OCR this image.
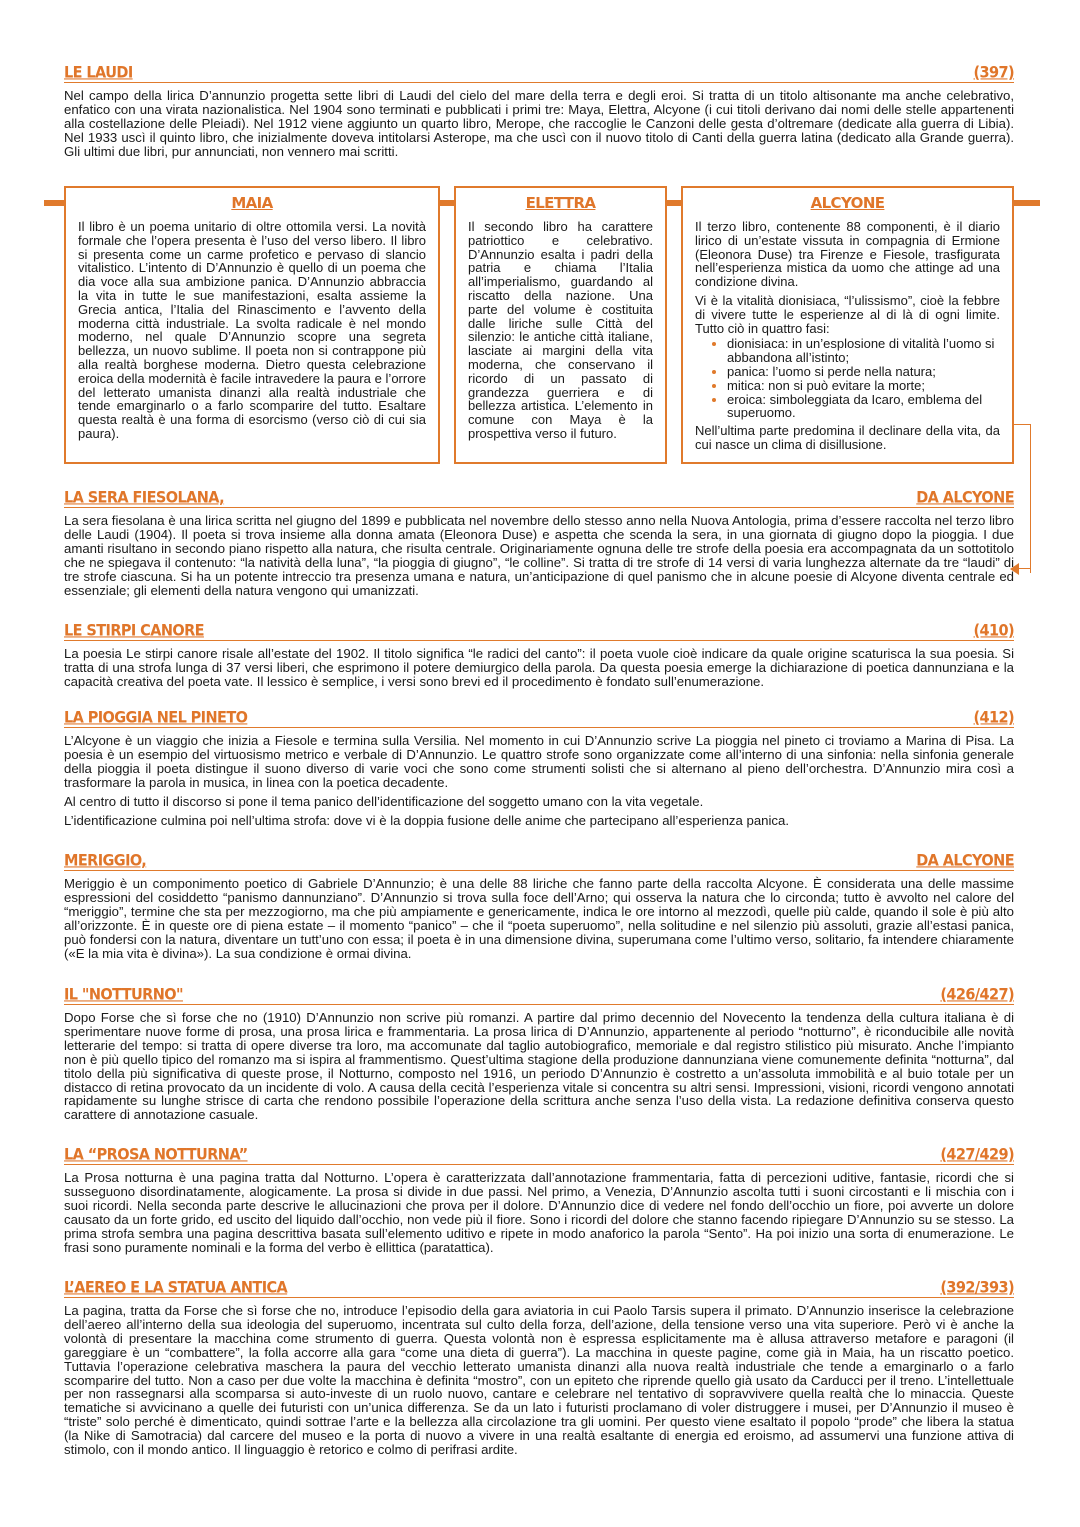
LE LAUDI	(397)

Nel campo della lirica D’annunzio progetta sette libri di Laudi del cielo del mare della terra e degli eroi. Si tratta di un titolo altisonante ma anche celebrativo, enfatico con una virata nazionalistica. Nel 1904 sono terminati e pubblicati i primi tre: Maya, Elettra, Alcyone (i cui titoli derivano dai nomi delle stelle appartenenti alla costellazione delle Pleiadi). Nel 1912 viene aggiunto un quarto libro, Merope, che raccoglie le Canzoni delle gesta d’oltremare (dedicate alla guerra di Libia). Nel 1933 uscì il quinto libro, che inizialmente doveva intitolarsi Asterope, ma che uscì con il nuovo titolo di Canti della guerra latina (dedicato alla Grande guerra). Gli ultimi due libri, pur annunciati, non vennero mai scritti.

MAIA

Il libro è un poema unitario di oltre ottomila versi. La novità formale che l’opera presenta è l’uso del verso libero. Il libro si presenta come un carme profetico e pervaso di slancio vitalistico. L’intento di D’Annunzio è quello di un poema che dia voce alla sua ambizione panica. D’Annunzio abbraccia la vita in tutte le sue manifestazioni, esalta assieme la Grecia antica, l’Italia del Rinascimento e l’avvento della moderna città industriale. La svolta radicale è nel mondo moderno, nel quale D’Annunzio scopre una segreta bellezza, un nuovo sublime. Il poeta non si contrappone più alla realtà borghese moderna. Dietro questa celebrazione eroica della modernità è facile intravedere la paura e l’orrore del letterato umanista dinanzi alla realtà industriale che tende emarginarlo o a farlo scomparire del tutto. Esaltare questa realtà è una forma di esorcismo (verso ciò di cui sia paura).

ELETTRA

Il secondo libro ha carattere patriottico e celebrativo. D’Annunzio esalta i padri della patria e chiama l’Italia all’imperialismo, guardando al riscatto della nazione. Una parte del volume è costituita dalle liriche sulle Città del silenzio: le antiche città italiane, lasciate ai margini della vita moderna, che conservano il ricordo di un passato di grandezza guerriera e di bellezza artistica. L’elemento in comune con Maya è la prospettiva verso il futuro.

ALCYONE

Il terzo libro, contenente 88 componenti, è il diario lirico di un’estate vissuta in compagnia di Ermione (Eleonora Duse) tra Firenze e Fiesole, trasfigurata nell’esperienza mistica da uomo che attinge ad una condizione divina.

Vi è la vitalità dionisiaca, “l’ulissismo”, cioè la febbre di vivere tutte le esperienze al di là di ogni limite. Tutto ciò in quattro fasi:

• dionisiaca: in un’esplosione di vitalità l’uomo si abbandona all’istinto;
• panica: l’uomo si perde nella natura;
• mitica: non si può evitare la morte;
• eroica: simboleggiata da Icaro, emblema del superuomo.

Nell’ultima parte predomina il declinare della vita, da cui nasce un clima di disillusione.

LA SERA FIESOLANA,	DA ALCYONE

La sera fiesolana è una lirica scritta nel giugno del 1899 e pubblicata nel novembre dello stesso anno nella Nuova Antologia, prima d’essere raccolta nel terzo libro delle Laudi (1904). Il poeta si trova insieme alla donna amata (Eleonora Duse) e aspetta che scenda la sera, in una giornata di giugno dopo la pioggia. I due amanti risultano in secondo piano rispetto alla natura, che risulta centrale. Originariamente ognuna delle tre strofe della poesia era accompagnata da un sottotitolo che ne spiegava il contenuto: “la natività della luna”, “la pioggia di giugno”, “le colline”. Si tratta di tre strofe di 14 versi di varia lunghezza alternate da tre “laudi” di tre strofe ciascuna. Si ha un potente intreccio tra presenza umana e natura, un’anticipazione di quel panismo che in alcune poesie di Alcyone diventa centrale ed essenziale; gli elementi della natura vengono qui umanizzati.

LE STIRPI CANORE	(410)

La poesia Le stirpi canore risale all’estate del 1902. Il titolo significa “le radici del canto”: il poeta vuole cioè indicare da quale origine scaturisca la sua poesia. Si tratta di una strofa lunga di 37 versi liberi, che esprimono il potere demiurgico della parola. Da questa poesia emerge la dichiarazione di poetica dannunziana e la capacità creativa del poeta vate. Il lessico è semplice, i versi sono brevi ed il procedimento è fondato sull’enumerazione.

LA PIOGGIA NEL PINETO	(412)

L’Alcyone è un viaggio che inizia a Fiesole e termina sulla Versilia. Nel momento in cui D’Annunzio scrive La pioggia nel pineto ci troviamo a Marina di Pisa. La poesia è un esempio del virtuosismo metrico e verbale di D’Annunzio. Le quattro strofe sono organizzate come all’interno di una sinfonia: nella sinfonia generale della pioggia il poeta distingue il suono diverso di varie voci che sono come strumenti solisti che si alternano al pieno dell’orchestra. D’Annunzio mira così a trasformare la parola in musica, in linea con la poetica decadente.

Al centro di tutto il discorso si pone il tema panico dell’identificazione del soggetto umano con la vita vegetale.

L’identificazione culmina poi nell’ultima strofa: dove vi è la doppia fusione delle anime che partecipano all’esperienza panica.

MERIGGIO,	DA ALCYONE

Meriggio è un componimento poetico di Gabriele D’Annunzio; è una delle 88 liriche che fanno parte della raccolta Alcyone. È considerata una delle massime espressioni del cosiddetto “panismo dannunziano”. D’Annunzio si trova sulla foce dell’Arno; qui osserva la natura che lo circonda; tutto è avvolto nel calore del “meriggio”, termine che sta per mezzogiorno, ma che più ampiamente e genericamente, indica le ore intorno al mezzodì, quelle più calde, quando il sole è più alto all’orizzonte. È in queste ore di piena estate – il momento “panico” – che il “poeta superuomo”, nella solitudine e nel silenzio più assoluti, grazie all’estasi panica, può fondersi con la natura, diventare un tutt’uno con essa; il poeta è in una dimensione divina, superumana come l’ultimo verso, solitario, fa intendere chiaramente («E la mia vita è divina»). La sua condizione è ormai divina.

IL "NOTTURNO"	(426/427)

Dopo Forse che sì forse che no (1910) D’Annunzio non scrive più romanzi. A partire dal primo decennio del Novecento la tendenza della cultura italiana è di sperimentare nuove forme di prosa, una prosa lirica e frammentaria. La prosa lirica di D’Annunzio, appartenente al periodo “notturno”, è riconducibile alle novità letterarie del tempo: si tratta di opere diverse tra loro, ma accomunate dal taglio autobiografico, memoriale e dal registro stilistico più misurato. Anche l’impianto non è più quello tipico del romanzo ma si ispira al frammentismo. Quest’ultima stagione della produzione dannunziana viene comunemente definita “notturna”, dal titolo della più significativa di queste prose, il Notturno, composto nel 1916, un periodo D’Annunzio è costretto a un’assoluta immobilità e al buio totale per un distacco di retina provocato da un incidente di volo. A causa della cecità l’esperienza vitale si concentra su altri sensi. Impressioni, visioni, ricordi vengono annotati rapidamente su lunghe strisce di carta che rendono possibile l’operazione della scrittura anche senza l’uso della vista. La redazione definitiva conserva questo carattere di annotazione casuale.

LA “PROSA NOTTURNA”	(427/429)

La Prosa notturna è una pagina tratta dal Notturno. L’opera è caratterizzata dall’annotazione frammentaria, fatta di percezioni uditive, fantasie, ricordi che si susseguono disordinatamente, alogicamente. La prosa si divide in due passi. Nel primo, a Venezia, D’Annunzio ascolta tutti i suoni circostanti e li mischia con i suoi ricordi. Nella seconda parte descrive le allucinazioni che prova per il dolore. D’Annunzio dice di vedere nel fondo dell’occhio un fiore, poi avverte un dolore causato da un forte grido, ed uscito del liquido dall’occhio, non vede più il fiore. Sono i ricordi del dolore che stanno facendo ripiegare D’Annunzio su se stesso. La prima strofa sembra una pagina descrittiva basata sull’elemento uditivo e ripete in modo anaforico la parola “Sento”. Ha poi inizio una sorta di enumerazione. Le frasi sono puramente nominali e la forma del verbo è ellittica (paratattica).

L’AEREO E LA STATUA ANTICA	(392/393)

La pagina, tratta da Forse che sì forse che no, introduce l’episodio della gara aviatoria in cui Paolo Tarsis supera il primato. D’Annunzio inserisce la celebrazione dell’aereo all’interno della sua ideologia del superuomo, incentrata sul culto della forza, dell’azione, della tensione verso una vita superiore. Però vi è anche la volontà di presentare la macchina come strumento di guerra. Questa volontà non è espressa esplicitamente ma è allusa attraverso metafore e paragoni (il gareggiare è un “combattere”, la folla accorre alla gara “come una dieta di guerra”). La macchina in queste pagine, come già in Maia, ha un riscatto poetico. Tuttavia l’operazione celebrativa maschera la paura del vecchio letterato umanista dinanzi alla nuova realtà industriale che tende a emarginarlo o a farlo scomparire del tutto. Non a caso per due volte la macchina è definita “mostro”, con un epiteto che riprende quello già usato da Carducci per il treno. L’intellettuale per non rassegnarsi alla scomparsa si auto-investe di un ruolo nuovo, cantare e celebrare nel tentativo di sopravvivere quella realtà che lo minaccia. Queste tematiche si avvicinano a quelle dei futuristi con un’unica differenza. Se da un lato i futuristi proclamano di voler distruggere i musei, per D’Annunzio il museo è “triste” solo perché è dimenticato, quindi sottrae l’arte e la bellezza alla circolazione tra gli uomini. Per questo viene esaltato il popolo “prode” che libera la statua (la Nike di Samotracia) dal carcere del museo e la porta di nuovo a vivere in una realtà esaltante di energia ed eroismo, ad assumervi una funzione attiva di stimolo, con il mondo antico. Il linguaggio è retorico e colmo di perifrasi ardite.
